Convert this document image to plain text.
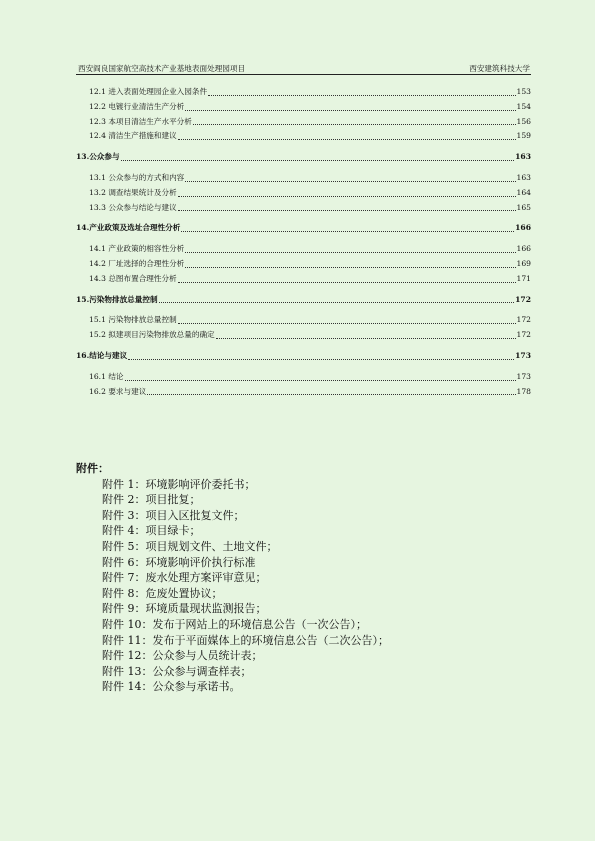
西安阎良国家航空高技术产业基地表面处理园项目	西安建筑科技大学
12.1 进入表面处理园企业入园条件	153
12.2 电镀行业清洁生产分析	154
12.3 本项目清洁生产水平分析	156
12.4 清洁生产措施和建议	159
13.公众参与	163
13.1 公众参与的方式和内容	163
13.2 调查结果统计及分析	164
13.3 公众参与结论与建议	165
14.产业政策及选址合理性分析	166
14.1 产业政策的相容性分析	166
14.2 厂址选择的合理性分析	169
14.3 总图布置合理性分析	171
15.污染物排放总量控制	172
15.1 污染物排放总量控制	172
15.2 拟建项目污染物排放总量的确定	172
16.结论与建议	173
16.1 结论	173
16.2 要求与建议	178
附件：
附件 1：环境影响评价委托书；
附件 2：项目批复；
附件 3：项目入区批复文件；
附件 4：项目绿卡；
附件 5：项目规划文件、土地文件；
附件 6：环境影响评价执行标准
附件 7：废水处理方案评审意见；
附件 8：危废处置协议；
附件 9：环境质量现状监测报告；
附件 10：发布于网站上的环境信息公告（一次公告）；
附件 11：发布于平面媒体上的环境信息公告（二次公告）；
附件 12：公众参与人员统计表；
附件 13：公众参与调查样表；
附件 14：公众参与承诺书。
